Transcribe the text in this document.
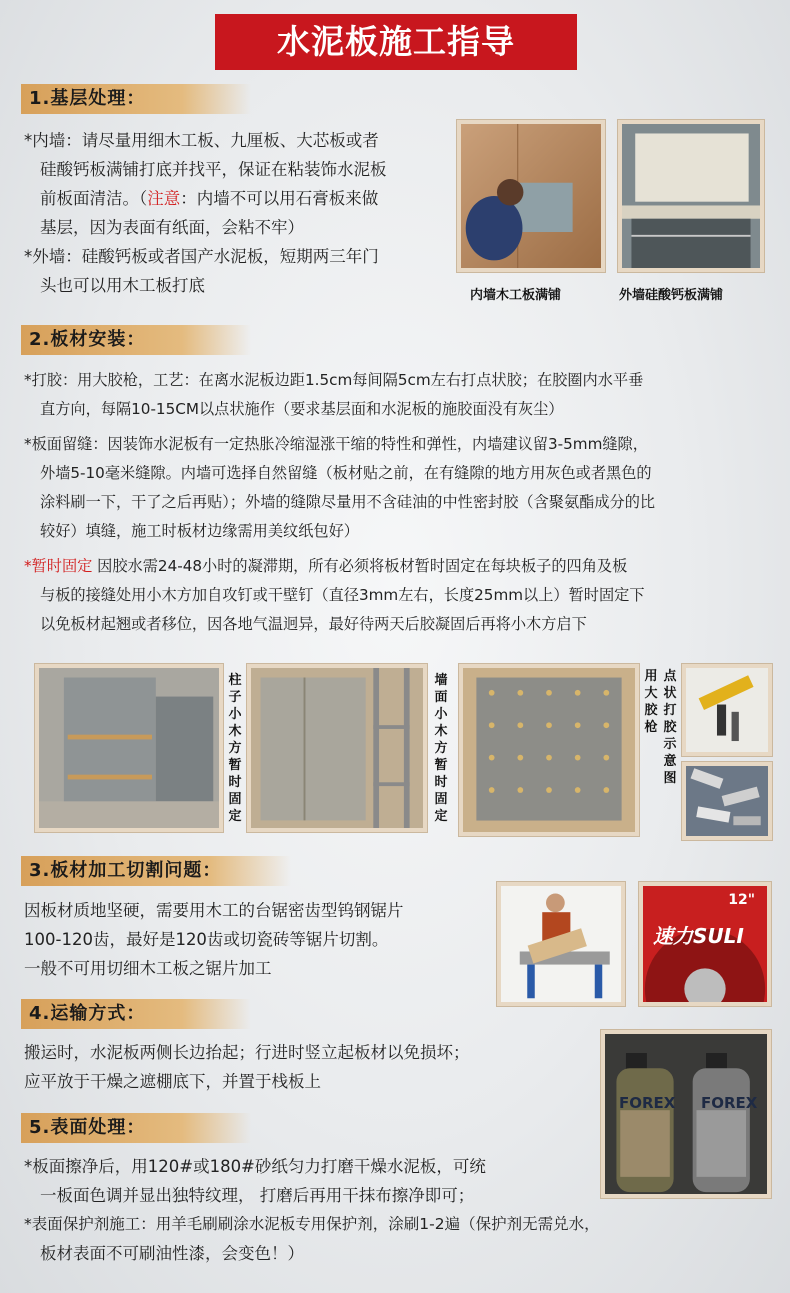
水泥板施工指导
1.基层处理：

*内墙：请尽量用细木工板、九厘板、大芯板或者

硅酸钙板满铺打底并找平，保证在粘装饰水泥板

前板面清洁。（注意：内墙不可以用石膏板来做

基层，因为表面有纸面，会粘不牢）

*外墙：硅酸钙板或者国产水泥板，短期两三年门

头也可以用木工板打底

内墙木工板满铺	外墙硅酸钙板满铺
2.板材安装：

*打胶：用大胶枪，工艺：在离水泥板边距1.5cm每间隔5cm左右打点状胶；在胶圈内水平垂

直方向，每隔10-15CM以点状施作（要求基层面和水泥板的施胶面没有灰尘）

*板面留缝：因装饰水泥板有一定热胀冷缩湿涨干缩的特性和弹性，内墙建议留3-5mm缝隙，

外墙5-10毫米缝隙。内墙可选择自然留缝（板材贴之前，在有缝隙的地方用灰色或者黑色的

涂料刷一下，干了之后再贴）；外墙的缝隙尽量用不含硅油的中性密封胶（含聚氨酯成分的比

较好）填缝，施工时板材边缘需用美纹纸包好）

*暂时固定 因胶水需24-48小时的凝滞期，所有必须将板材暂时固定在每块板子的四角及板

与板的接缝处用小木方加自攻钉或干壁钉（直径3mm左右，长度25mm以上）暂时固定下

以免板材起翘或者移位，因各地气温迥异，最好待两天后胶凝固后再将小木方启下

柱子小木方暂时固定
墙面小木方暂时固定
用大胶枪
点状打胶示意图
3.板材加工切割问题：

因板材质地坚硬，需要用木工的台锯密齿型钨钢锯片

100-120齿，最好是120齿或切瓷砖等锯片切割。

一般不可用切细木工板之锯片加工

12"
速力SULI
4.运输方式：

搬运时，水泥板两侧长边抬起；行进时竖立起板材以免损坏；

应平放于干燥之遮棚底下，并置于栈板上

FOREX FOREX
5.表面处理：

*板面擦净后，用120#或180#砂纸匀力打磨干燥水泥板，可统

一板面色调并显出独特纹理， 打磨后再用干抹布擦净即可；

*表面保护剂施工：用羊毛刷刷涂水泥板专用保护剂，涂刷1-2遍（保护剂无需兑水，

板材表面不可刷油性漆，会变色！）
